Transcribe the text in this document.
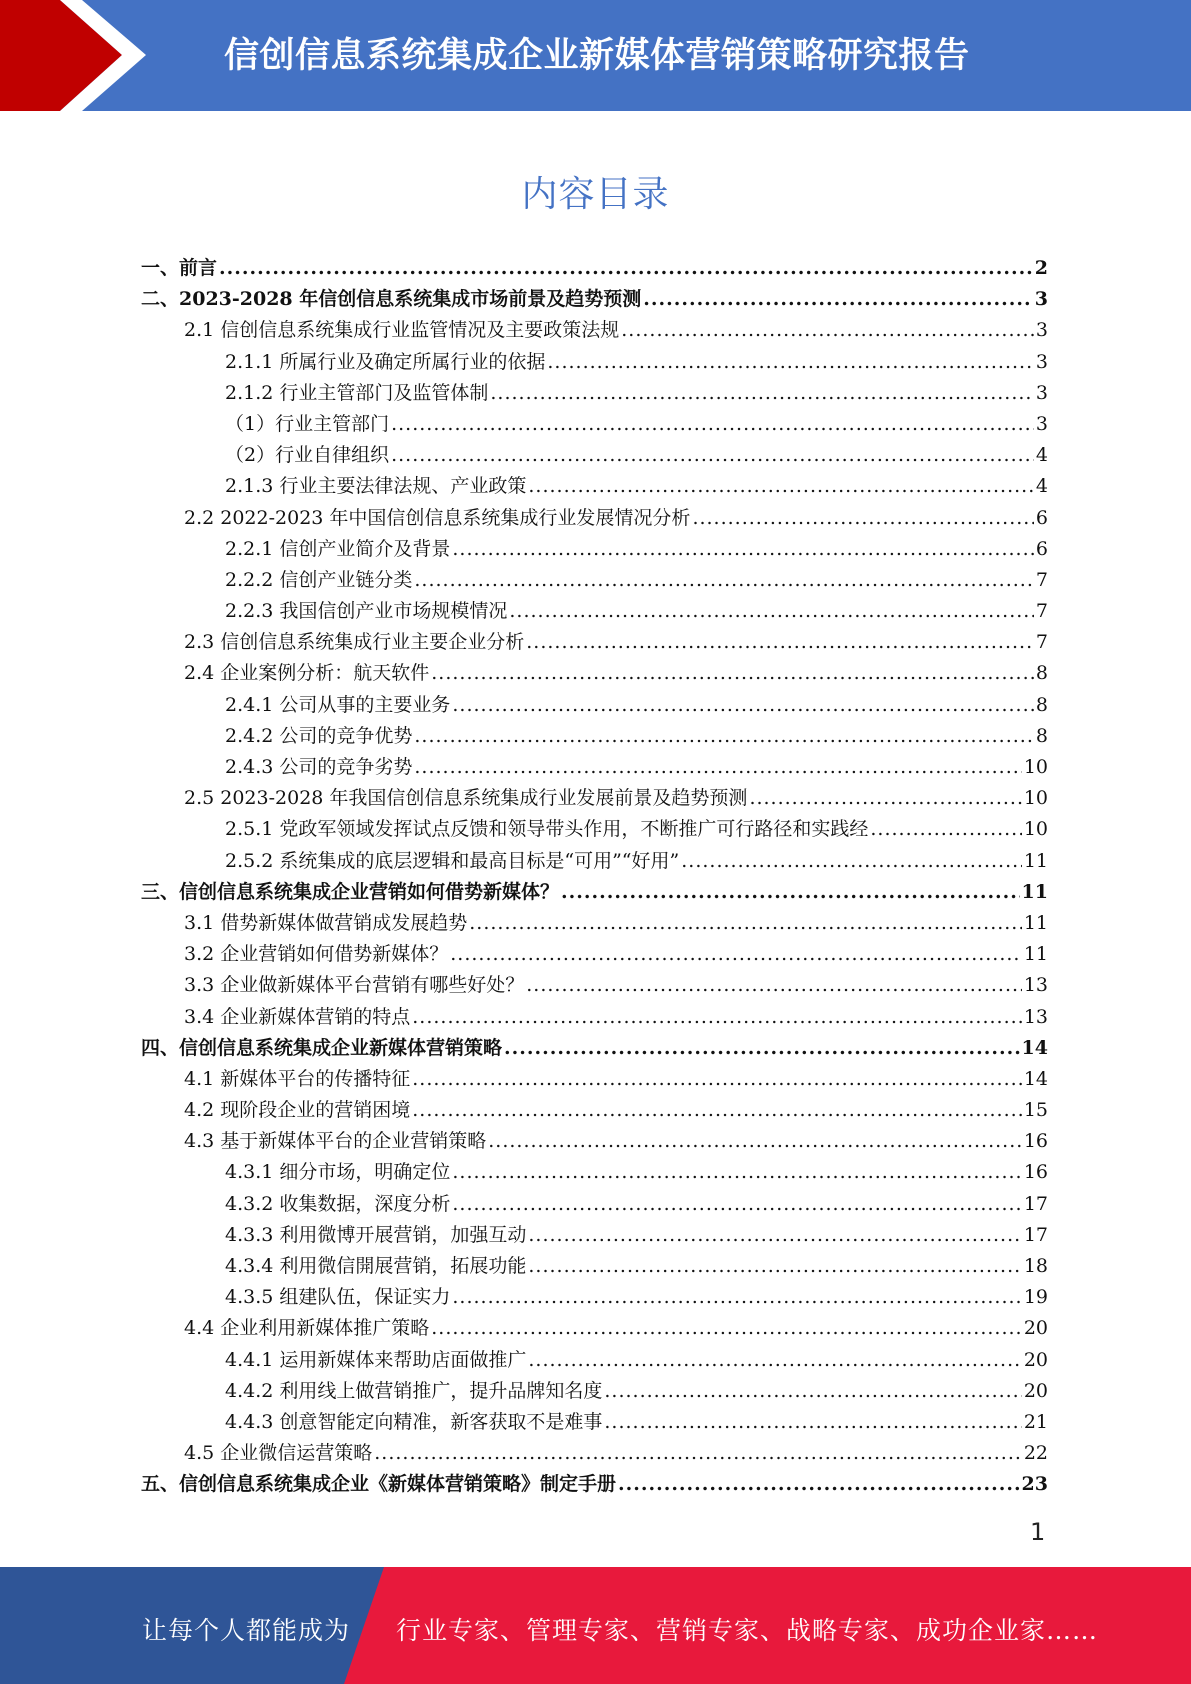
信创信息系统集成企业新媒体营销策略研究报告
内容目录
一、前言 .....	2
二、2023-2028 年信创信息系统集成市场前景及趋势预测 .....	3
2.1 信创信息系统集成行业监管情况及主要政策法规 .....	3
2.1.1 所属行业及确定所属行业的依据 .....	3
2.1.2 行业主管部门及监管体制 .....	3
（1）行业主管部门 .....	3
（2）行业自律组织 .....	4
2.1.3 行业主要法律法规、产业政策 .....	4
2.2 2022-2023 年中国信创信息系统集成行业发展情况分析 .....	6
2.2.1 信创产业简介及背景 .....	6
2.2.2 信创产业链分类 .....	7
2.2.3 我国信创产业市场规模情况 .....	7
2.3 信创信息系统集成行业主要企业分析 .....	7
2.4 企业案例分析：航天软件 .....	8
2.4.1 公司从事的主要业务 .....	8
2.4.2 公司的竞争优势 .....	8
2.4.3 公司的竞争劣势 .....	10
2.5 2023-2028 年我国信创信息系统集成行业发展前景及趋势预测 .....	10
2.5.1 党政军领域发挥试点反馈和领导带头作用，不断推广可行路径和实践经 .....	10
2.5.2 系统集成的底层逻辑和最高目标是“可用”“好用” .....	11
三、信创信息系统集成企业营销如何借势新媒体？ .....	11
3.1 借势新媒体做营销成发展趋势 .....	11
3.2 企业营销如何借势新媒体？ .....	11
3.3 企业做新媒体平台营销有哪些好处？ .....	13
3.4 企业新媒体营销的特点 .....	13
四、信创信息系统集成企业新媒体营销策略 .....	14
4.1 新媒体平台的传播特征 .....	14
4.2 现阶段企业的营销困境 .....	15
4.3 基于新媒体平台的企业营销策略 .....	16
4.3.1 细分市场，明确定位 .....	16
4.3.2 收集数据，深度分析 .....	17
4.3.3 利用微博开展营销，加强互动 .....	17
4.3.4 利用微信開展营销，拓展功能 .....	18
4.3.5 组建队伍，保证实力 .....	19
4.4 企业利用新媒体推广策略 .....	20
4.4.1 运用新媒体来帮助店面做推广 .....	20
4.4.2 利用线上做营销推广，提升品牌知名度 .....	20
4.4.3 创意智能定向精准，新客获取不是难事 .....	21
4.5 企业微信运营策略 .....	22
五、信创信息系统集成企业《新媒体营销策略》制定手册 .....	23
1
让每个人都能成为 行业专家、管理专家、营销专家、战略专家、成功企业家……
